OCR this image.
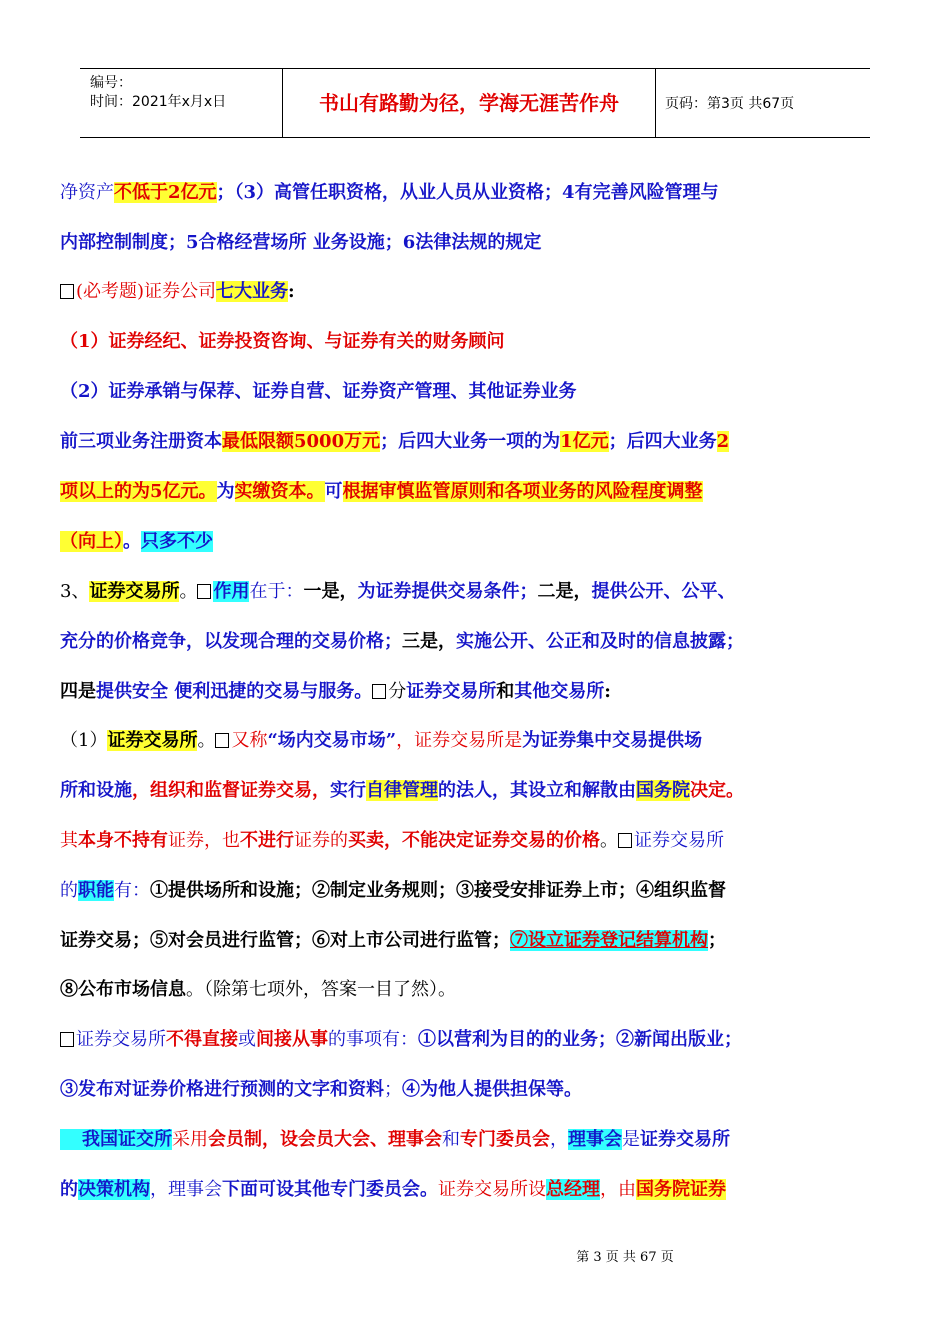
编号：
时间：2021年x月x日	书山有路勤为径，学海无涯苦作舟	页码：第3页 共67页
净资产不低于2亿元；（3）高管任职资格，从业人员从业资格；4有完善风险管理与
内部控制制度；5合格经营场所 业务设施；6法律法规的规定
(必考题)证券公司七大业务:
（1）证券经纪、证券投资咨询、与证券有关的财务顾问
（2）证券承销与保荐、证券自营、证券资产管理、其他证券业务
前三项业务注册资本最低限额5000万元；后四大业务一项的为1亿元；后四大业务2
项以上的为5亿元。为实缴资本。可根据审慎监管原则和各项业务的风险程度调整
（向上）。只多不少
3、证券交易所。 作用在于：一是，为证券提供交易条件；二是，提供公开、公平、
充分的价格竞争，以发现合理的交易价格；三是，实施公开、公正和及时的信息披露；
四是提供安全 便利迅捷的交易与服务。 分证券交易所和其他交易所:
（1）证券交易所。 又称“场内交易市场”，证券交易所是为证券集中交易提供场
所和设施，组织和监督证券交易，实行自律管理的法人，其设立和解散由国务院决定。
其本身不持有证券，也不进行证券的买卖，不能决定证券交易的价格。 证券交易所
的职能有：①提供场所和设施；②制定业务规则；③接受安排证券上市；④组织监督
证券交易；⑤对会员进行监管；⑥对上市公司进行监管；⑦设立证券登记结算机构；
⑧公布市场信息。（除第七项外，答案一目了然）。
证券交易所不得直接或间接从事的事项有：①以营利为目的的业务；②新闻出版业；
③发布对证券价格进行预测的文字和资料；④为他人提供担保等。
我国证交所采用会员制，设会员大会、理事会和专门委员会，理事会是证券交易所
的决策机构，理事会下面可设其他专门委员会。证券交易所设总经理，由国务院证券
第 3 页 共 67 页
